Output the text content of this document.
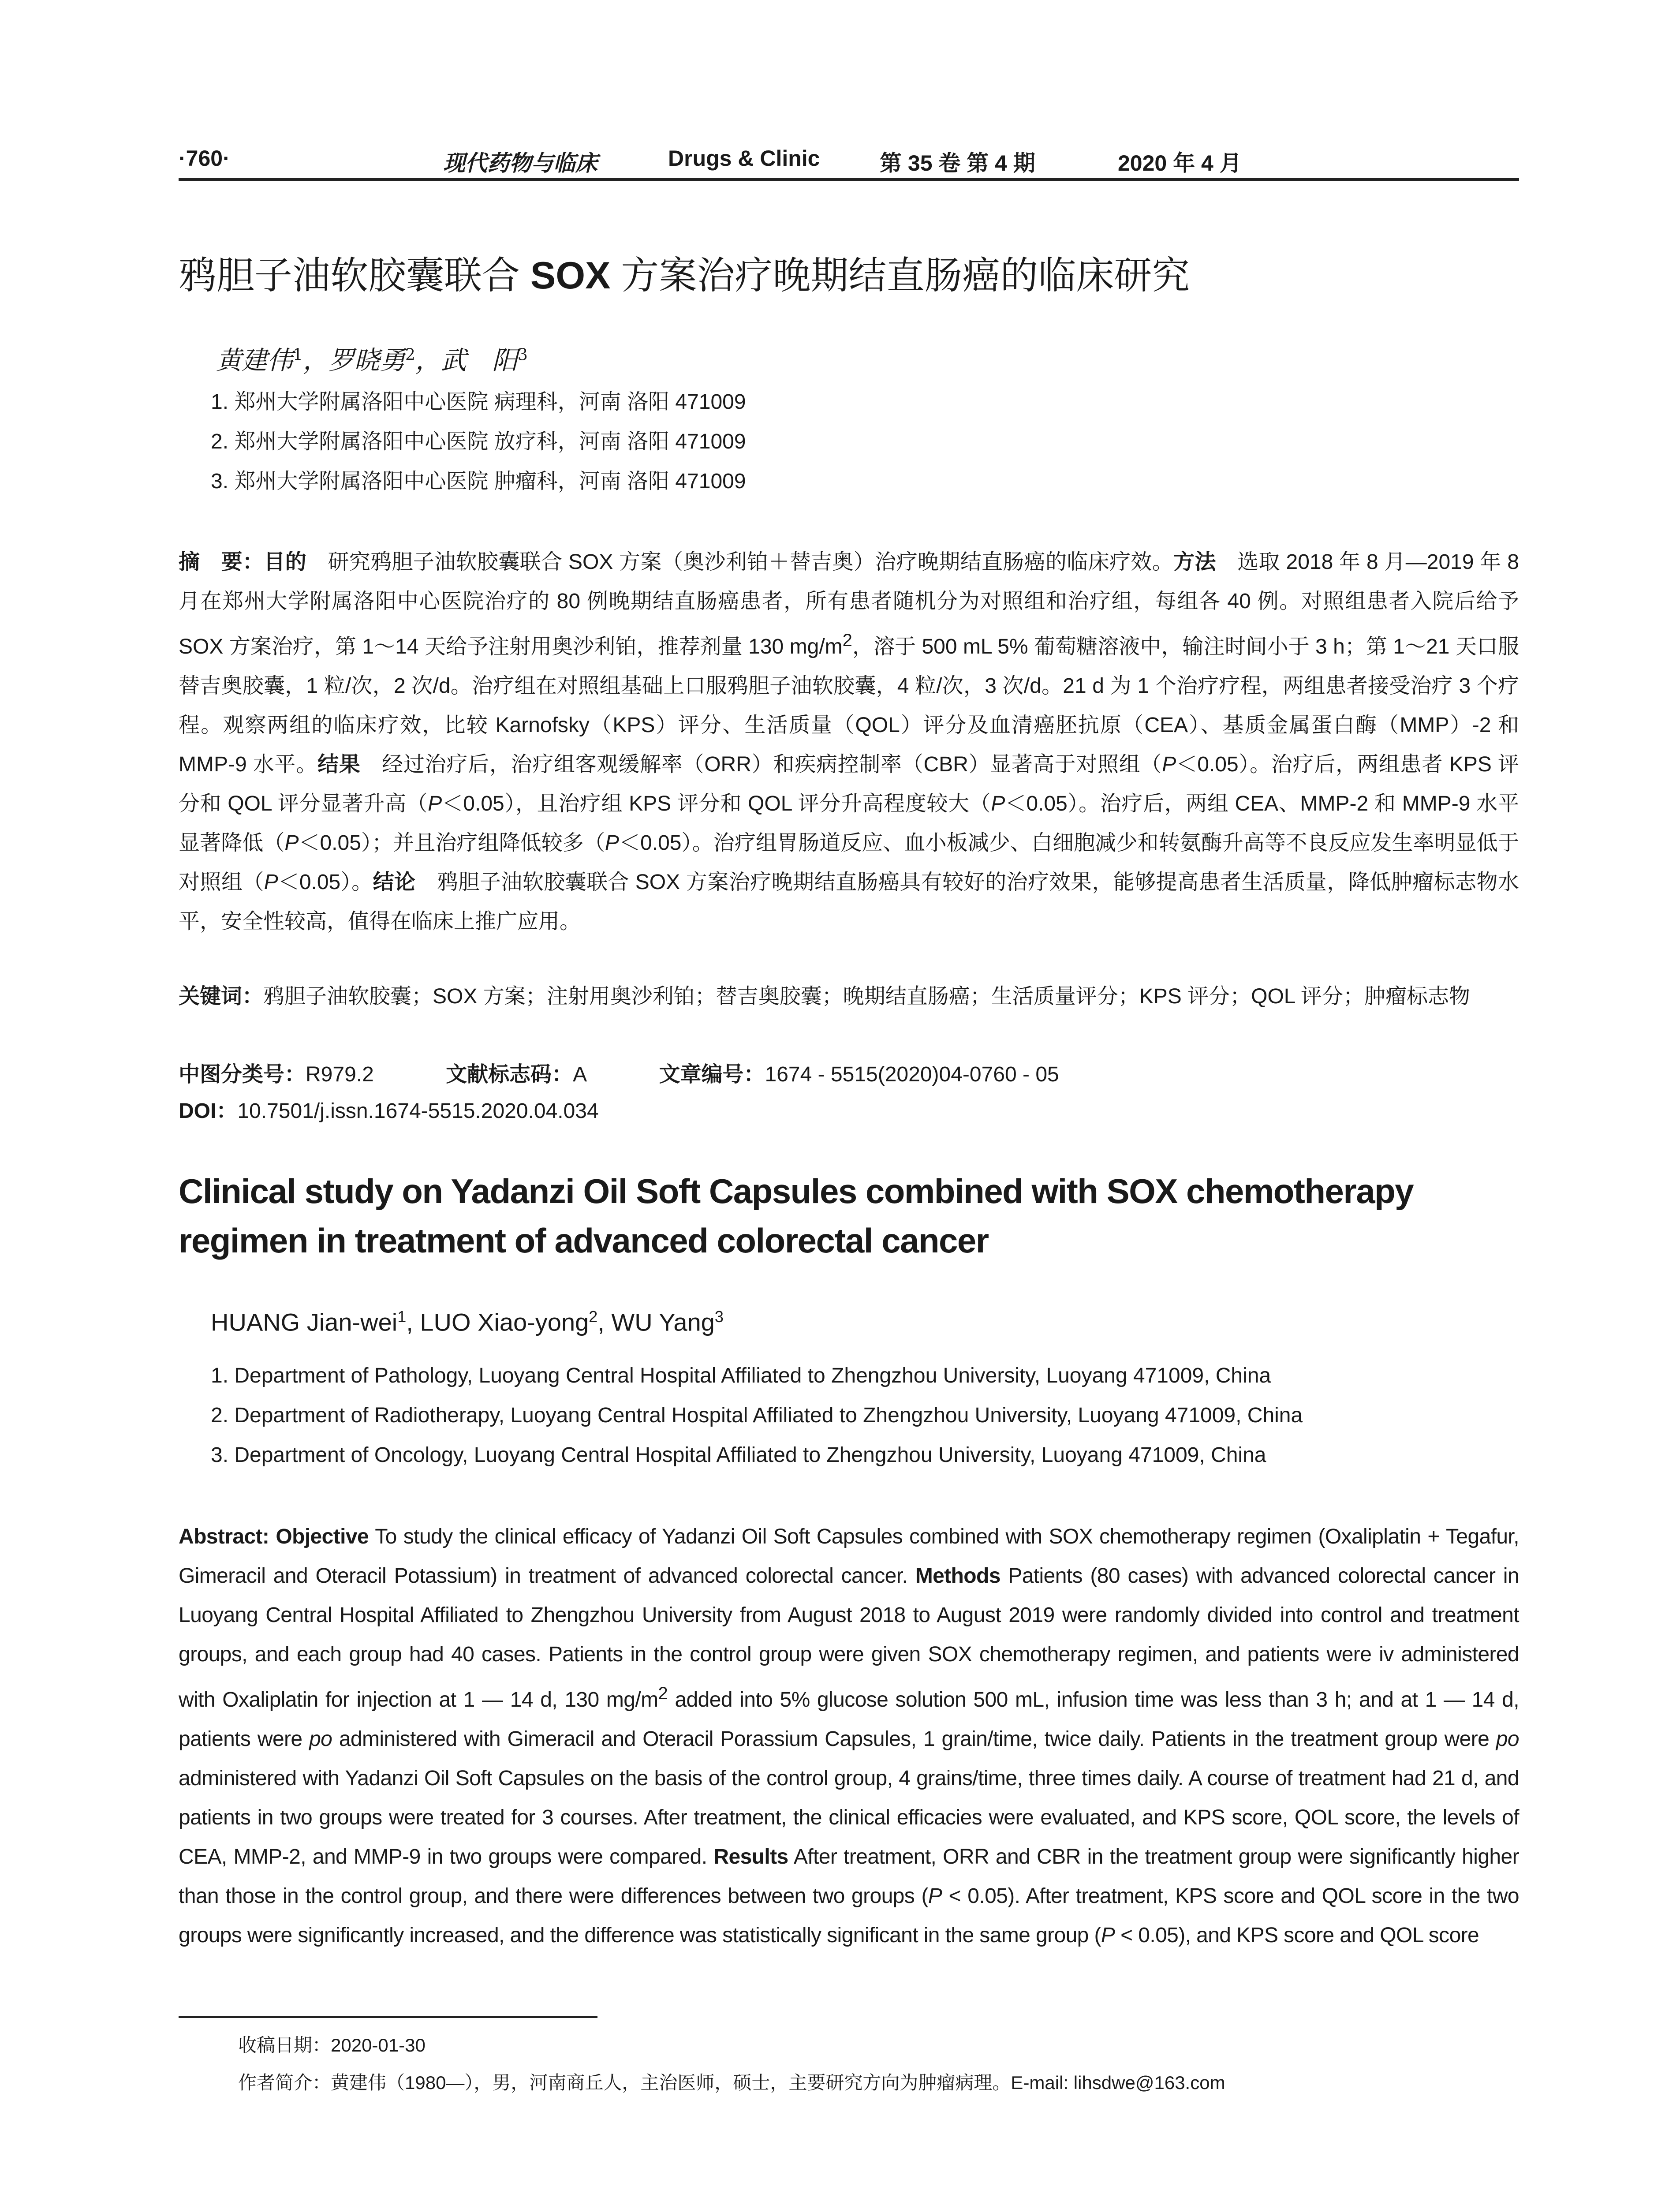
·760·	现代药物与临床	Drugs & Clinic	第 35 卷 第 4 期	2020 年 4 月
鸦胆子油软胶囊联合 SOX 方案治疗晚期结直肠癌的临床研究
黄建伟$^1$，罗晓勇$^2$，武　阳$^3$
1. 郑州大学附属洛阳中心医院 病理科，河南 洛阳 471009
2. 郑州大学附属洛阳中心医院 放疗科，河南 洛阳 471009
3. 郑州大学附属洛阳中心医院 肿瘤科，河南 洛阳 471009
摘　要：目的　研究鸦胆子油软胶囊联合 SOX 方案（奥沙利铂＋替吉奥）治疗晚期结直肠癌的临床疗效。方法　选取 2018 年 8 月—2019 年 8 月在郑州大学附属洛阳中心医院治疗的 80 例晚期结直肠癌患者，所有患者随机分为对照组和治疗组，每组各 40 例。对照组患者入院后给予 SOX 方案治疗，第 1～14 天给予注射用奥沙利铂，推荐剂量 130 $mg/m^2$，溶于 500 mL 5% 葡萄糖溶液中，输注时间小于 3 h；第 1～21 天口服替吉奥胶囊，1 粒/次，2 次/d。治疗组在对照组基础上口服鸦胆子油软胶囊，4 粒/次，3 次/d。21 d 为 1 个治疗疗程，两组患者接受治疗 3 个疗程。观察两组的临床疗效，比较 Karnofsky（KPS）评分、生活质量（QOL）评分及血清癌胚抗原（CEA）、基质金属蛋白酶（MMP）-2 和 MMP-9 水平。结果　经过治疗后，治疗组客观缓解率（ORR）和疾病控制率（CBR）显著高于对照组（P＜0.05）。治疗后，两组患者 KPS 评分和 QOL 评分显著升高（P＜0.05），且治疗组 KPS 评分和 QOL 评分升高程度较大（P＜0.05）。治疗后，两组 CEA、MMP-2 和 MMP-9 水平显著降低（P＜0.05）；并且治疗组降低较多（P＜0.05）。治疗组胃肠道反应、血小板减少、白细胞减少和转氨酶升高等不良反应发生率明显低于对照组（P＜0.05）。结论　鸦胆子油软胶囊联合 SOX 方案治疗晚期结直肠癌具有较好的治疗效果，能够提高患者生活质量，降低肿瘤标志物水平，安全性较高，值得在临床上推广应用。
关键词：鸦胆子油软胶囊；SOX 方案；注射用奥沙利铂；替吉奥胶囊；晚期结直肠癌；生活质量评分；KPS 评分；QOL 评分；肿瘤标志物
中图分类号：R979.2	文献标志码：A	文章编号：1674 - 5515(2020)04-0760 - 05
DOI：10.7501/j.issn.1674-5515.2020.04.034
Clinical study on Yadanzi Oil Soft Capsules combined with SOX chemotherapy regimen in treatment of advanced colorectal cancer
HUANG Jian-wei$^1$, LUO Xiao-yong$^2$, WU Yang$^3$
1. Department of Pathology, Luoyang Central Hospital Affiliated to Zhengzhou University, Luoyang 471009, China
2. Department of Radiotherapy, Luoyang Central Hospital Affiliated to Zhengzhou University, Luoyang 471009, China
3. Department of Oncology, Luoyang Central Hospital Affiliated to Zhengzhou University, Luoyang 471009, China
Abstract: Objective To study the clinical efficacy of Yadanzi Oil Soft Capsules combined with SOX chemotherapy regimen (Oxaliplatin + Tegafur, Gimeracil and Oteracil Potassium) in treatment of advanced colorectal cancer. Methods Patients (80 cases) with advanced colorectal cancer in Luoyang Central Hospital Affiliated to Zhengzhou University from August 2018 to August 2019 were randomly divided into control and treatment groups, and each group had 40 cases. Patients in the control group were given SOX chemotherapy regimen, and patients were iv administered with Oxaliplatin for injection at 1 — 14 d, 130 $mg/m^2$ added into 5% glucose solution 500 mL, infusion time was less than 3 h; and at 1 — 14 d, patients were po administered with Gimeracil and Oteracil Porassium Capsules, 1 grain/time, twice daily. Patients in the treatment group were po administered with Yadanzi Oil Soft Capsules on the basis of the control group, 4 grains/time, three times daily. A course of treatment had 21 d, and patients in two groups were treated for 3 courses. After treatment, the clinical efficacies were evaluated, and KPS score, QOL score, the levels of CEA, MMP-2, and MMP-9 in two groups were compared. Results After treatment, ORR and CBR in the treatment group were significantly higher than those in the control group, and there were differences between two groups (P < 0.05). After treatment, KPS score and QOL score in the two groups were significantly increased, and the difference was statistically significant in the same group (P < 0.05), and KPS score and QOL score
收稿日期：2020-01-30
作者简介：黄建伟（1980—），男，河南商丘人，主治医师，硕士，主要研究方向为肿瘤病理。E-mail: lihsdwe@163.com
